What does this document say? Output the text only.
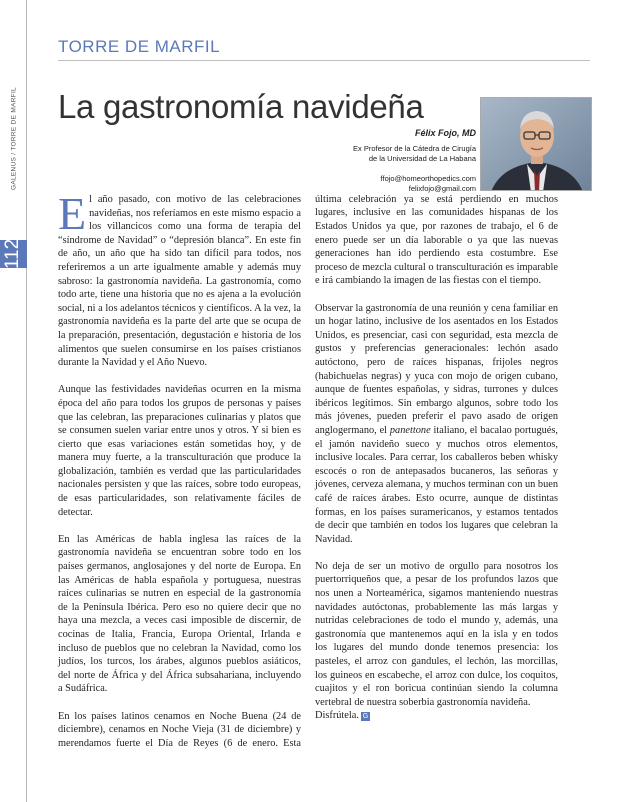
GALENUS / TORRE DE MARFIL
112
TORRE DE MARFIL
La gastronomía navideña
Félix Fojo, MD
Ex Profesor de la Cátedra de Cirugía
de la Universidad de La Habana
ffojo@homeorthopedics.com
felixfojo@gmail.com

El año pasado, con motivo de las celebraciones navideñas, nos referíamos en este mismo espacio a los villancicos como una forma de terapia del “síndrome de Navidad” o “depresión blanca”. En este fin de año, un año que ha sido tan difícil para todos, nos referiremos a un arte igualmente amable y además muy sabroso: la gastronomía navideña. La gastronomía, como todo arte, tiene una historia que no es ajena a la evolución social, ni a los adelantos técnicos y científicos. A la vez, la gastronomía navideña es la parte del arte que se ocupa de la preparación, presentación, degustación e historia de los alimentos que suelen consumirse en los países cristianos durante la Navidad y el Año Nuevo.

Aunque las festividades navideñas ocurren en la misma época del año para todos los grupos de personas y países que las celebran, las preparaciones culinarias y platos que se consumen suelen variar entre unos y otros. Y si bien es cierto que esas variaciones están sometidas hoy, y de manera muy fuerte, a la transculturación que produce la globalización, también es verdad que las particularidades nacionales persisten y que las raíces, sobre todo europeas, de esas particularidades, son relativamente fáciles de detectar.

En las Américas de habla inglesa las raíces de la gastronomía navideña se encuentran sobre todo en los países germanos, anglosajones y del norte de Europa. En las Américas de habla española y portuguesa, nuestras raíces culinarias se nutren en especial de la gastronomía de la Península Ibérica. Pero eso no quiere decir que no haya una mezcla, a veces casi imposible de discernir, de cocinas de Italia, Francia, Europa Oriental, Irlanda e incluso de pueblos que no celebran la Navidad, como los judíos, los turcos, los árabes, algunos pueblos asiáticos, del norte de África y del África subsahariana, incluyendo a Sudáfrica.

En los países latinos cenamos en Noche Buena (24 de diciembre), cenamos en Noche Vieja (31 de diciembre) y merendamos fuerte el Día de Reyes (6 de enero. Esta

última celebración ya se está perdiendo en muchos lugares, inclusive en las comunidades hispanas de los Estados Unidos ya que, por razones de trabajo, el 6 de enero puede ser un día laborable o ya que las nuevas generaciones han ido perdiendo esta costumbre. Ese proceso de mezcla cultural o transculturación es imparable e irá cambiando la imagen de las fiestas con el tiempo.

Observar la gastronomía de una reunión y cena familiar en un hogar latino, inclusive de los asentados en los Estados Unidos, es presenciar, casi con seguridad, esta mezcla de gustos y preferencias generacionales: lechón asado autóctono, pero de raíces hispanas, frijoles negros (habichuelas negras) y yuca con mojo de origen cubano, aunque de fuentes españolas, y sidras, turrones y dulces ibéricos legítimos. Sin embargo algunos, sobre todo los más jóvenes, pueden preferir el pavo asado de origen anglogermano, el panettone italiano, el bacalao portugués, el jamón navideño sueco y muchos otros elementos, inclusive locales. Para cerrar, los caballeros beben whisky escocés o ron de antepasados bucaneros, las señoras y jóvenes, cerveza alemana, y muchos terminan con un buen café de raíces árabes. Esto ocurre, aunque de distintas formas, en los países suramericanos, y estamos tentados de decir que también en todos los lugares que celebran la Navidad.

No deja de ser un motivo de orgullo para nosotros los puertorriqueños que, a pesar de los profundos lazos que nos unen a Norteamérica, sigamos manteniendo nuestras navidades autóctonas, probablemente las más largas y nutridas celebraciones de todo el mundo y, además, una gastronomía que mantenemos aquí en la isla y en todos los lugares del mundo donde tenemos presencia: los pasteles, el arroz con gandules, el lechón, las morcillas, los guineos en escabeche, el arroz con dulce, los coquitos, cuajitos y el ron boricua continúan siendo la columna vertebral de nuestra soberbia gastronomía navideña.

Disfrútela. G
